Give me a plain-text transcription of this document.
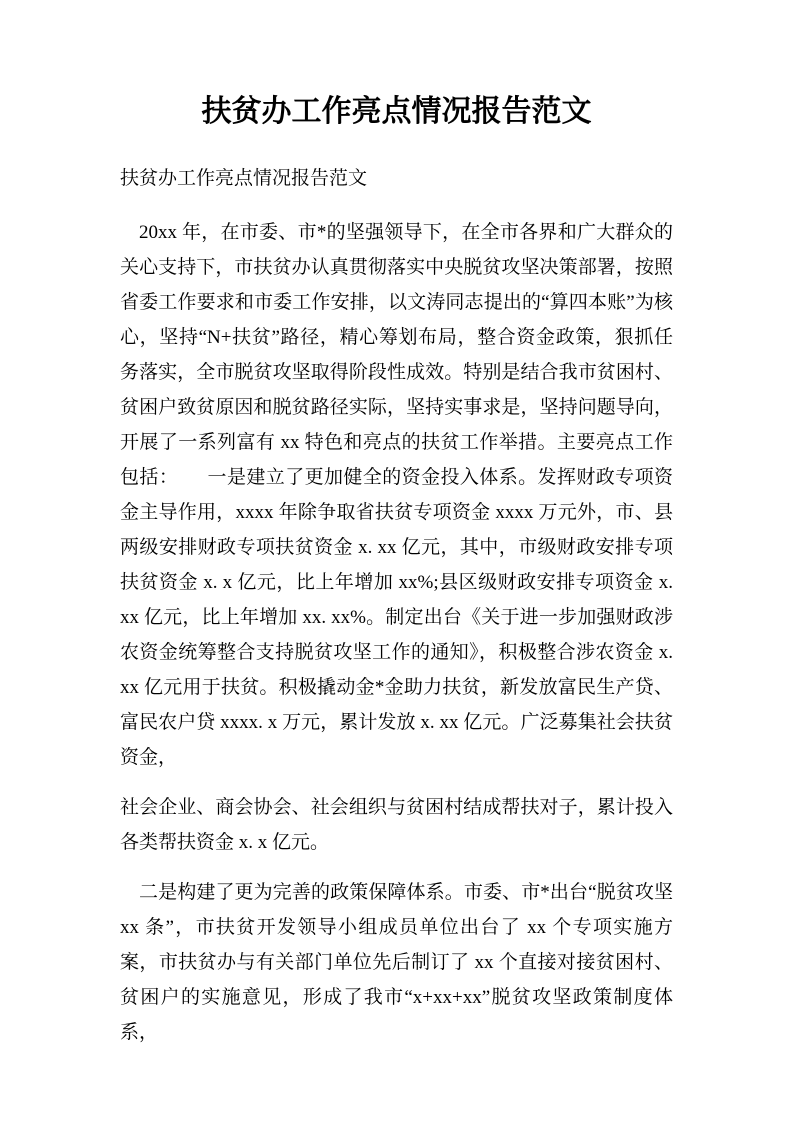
扶贫办工作亮点情况报告范文
扶贫办工作亮点情况报告范文

20xx 年，在市委、市*的坚强领导下，在全市各界和广大群众的关心支持下，市扶贫办认真贯彻落实中央脱贫攻坚决策部署，按照省委工作要求和市委工作安排，以文涛同志提出的“算四本账”为核心，坚持“N+扶贫”路径，精心筹划布局，整合资金政策，狠抓任务落实，全市脱贫攻坚取得阶段性成效。特别是结合我市贫困村、贫困户致贫原因和脱贫路径实际，坚持实事求是，坚持问题导向，开展了一系列富有 xx 特色和亮点的扶贫工作举措。主要亮点工作包括：　　一是建立了更加健全的资金投入体系。发挥财政专项资金主导作用，xxxx 年除争取省扶贫专项资金 xxxx 万元外，市、县两级安排财政专项扶贫资金 x. xx 亿元，其中，市级财政安排专项扶贫资金 x. x 亿元，比上年增加 xx%;县区级财政安排专项资金 x. xx 亿元，比上年增加 xx. xx%。制定出台《关于进一步加强财政涉农资金统筹整合支持脱贫攻坚工作的通知》，积极整合涉农资金 x. xx 亿元用于扶贫。积极撬动金*金助力扶贫，新发放富民生产贷、富民农户贷 xxxx. x 万元，累计发放 x. xx 亿元。广泛募集社会扶贫资金，

社会企业、商会协会、社会组织与贫困村结成帮扶对子，累计投入各类帮扶资金 x. x 亿元。

二是构建了更为完善的政策保障体系。市委、市*出台“脱贫攻坚 xx 条”，市扶贫开发领导小组成员单位出台了 xx 个专项实施方案，市扶贫办与有关部门单位先后制订了 xx 个直接对接贫困村、贫困户的实施意见，形成了我市“x+xx+xx”脱贫攻坚政策制度体系，
